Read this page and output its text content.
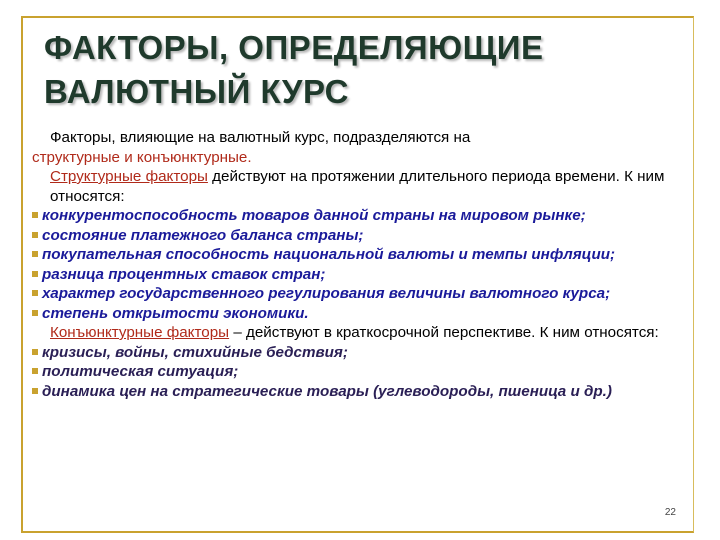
ФАКТОРЫ, ОПРЕДЕЛЯЮЩИЕ
ВАЛЮТНЫЙ КУРС

Факторы, влияющие на валютный курс, подразделяются на

структурные и конъюнктурные.

Структурные факторы действуют на протяжении длительного периода времени. К ним относятся:

конкурентоспособность товаров данной страны на мировом рынке;

состояние платежного баланса страны;

покупательная способность национальной валюты и темпы инфляции;

разница процентных ставок стран;

характер государственного регулирования величины валютного курса;

степень открытости экономики.

Конъюнктурные факторы – действуют в краткосрочной перспективе. К ним относятся:

кризисы, войны, стихийные бедствия;

политическая ситуация;

динамика цен на стратегические товары (углеводороды, пшеница и др.)

22
